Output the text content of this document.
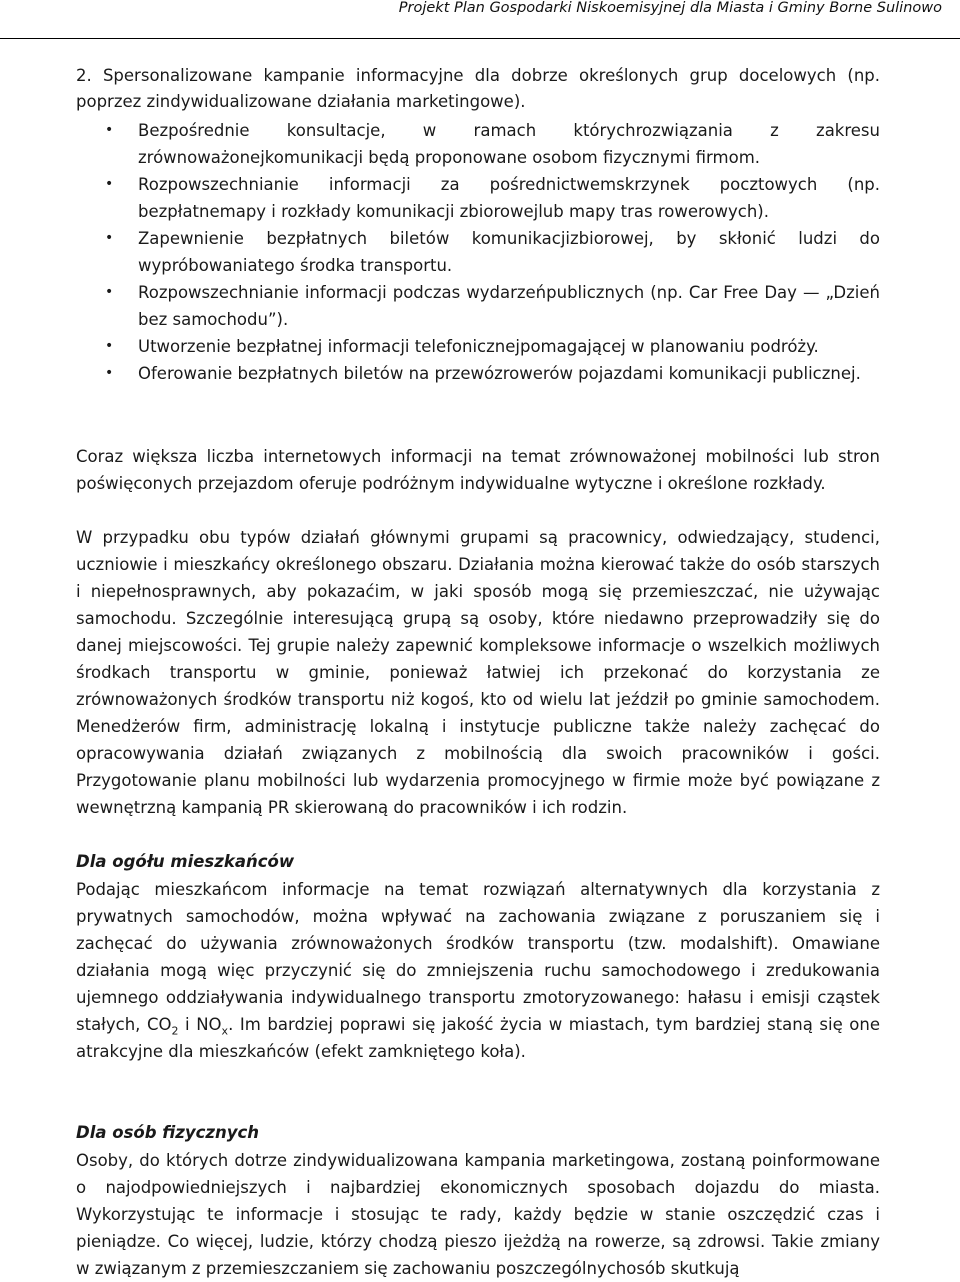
Projekt Plan Gospodarki Niskoemisyjnej dla Miasta i Gminy Borne Sulinowo
2. Spersonalizowane kampanie informacyjne dla dobrze określonych grup docelowych (np. poprzez zindywidualizowane działania marketingowe).
• Bezpośrednie konsultacje, w ramach którychrozwiązania z zakresu zrównoważonejkomunikacji będą proponowane osobom fizycznymi firmom.
• Rozpowszechnianie informacji za pośrednictwemskrzynek pocztowych (np. bezpłatnemapy i rozkłady komunikacji zbiorowejlub mapy tras rowerowych).
• Zapewnienie bezpłatnych biletów komunikacjizbiorowej, by skłonić ludzi do wypróbowaniatego środka transportu.
• Rozpowszechnianie informacji podczas wydarzeńpublicznych (np. Car Free Day — „Dzień bez samochodu”).
• Utworzenie bezpłatnej informacji telefonicznejpomagającej w planowaniu podróży.
• Oferowanie bezpłatnych biletów na przewózrowerów pojazdami komunikacji publicznej.

Coraz większa liczba internetowych informacji na temat zrównoważonej mobilności lub stron poświęconych przejazdom oferuje podróżnym indywidualne wytyczne i określone rozkłady.

W przypadku obu typów działań głównymi grupami są pracownicy, odwiedzający, studenci, uczniowie i mieszkańcy określonego obszaru. Działania można kierować także do osób starszych i niepełnosprawnych, aby pokazaćim, w jaki sposób mogą się przemieszczać, nie używając samochodu. Szczególnie interesującą grupą są osoby, które niedawno przeprowadziły się do danej miejscowości. Tej grupie należy zapewnić kompleksowe informacje o wszelkich możliwych środkach transportu w gminie, ponieważ łatwiej ich przekonać do korzystania ze zrównoważonych środków transportu niż kogoś, kto od wielu lat jeździł po gminie samochodem. Menedżerów firm, administrację lokalną i instytucje publiczne także należy zachęcać do opracowywania działań związanych z mobilnością dla swoich pracowników i gości. Przygotowanie planu mobilności lub wydarzenia promocyjnego w firmie może być powiązane z wewnętrzną kampanią PR skierowaną do pracowników i ich rodzin.

Dla ogółu mieszkańców

Podając mieszkańcom informacje na temat rozwiązań alternatywnych dla korzystania z prywatnych samochodów, można wpływać na zachowania związane z poruszaniem się i zachęcać do używania zrównoważonych środków transportu (tzw. modalshift). Omawiane działania mogą więc przyczynić się do zmniejszenia ruchu samochodowego i zredukowania ujemnego oddziaływania indywidualnego transportu zmotoryzowanego: hałasu i emisji cząstek stałych, $CO_2$ i $NO_x$. Im bardziej poprawi się jakość życia w miastach, tym bardziej staną się one atrakcyjne dla mieszkańców (efekt zamkniętego koła).

Dla osób fizycznych

Osoby, do których dotrze zindywidualizowana kampania marketingowa, zostaną poinformowane o najodpowiedniejszych i najbardziej ekonomicznych sposobach dojazdu do miasta. Wykorzystując te informacje i stosując te rady, każdy będzie w stanie oszczędzić czas i pieniądze. Co więcej, ludzie, którzy chodzą pieszo ijeżdżą na rowerze, są zdrowsi. Takie zmiany w związanym z przemieszczaniem się zachowaniu poszczególnychosób skutkują
